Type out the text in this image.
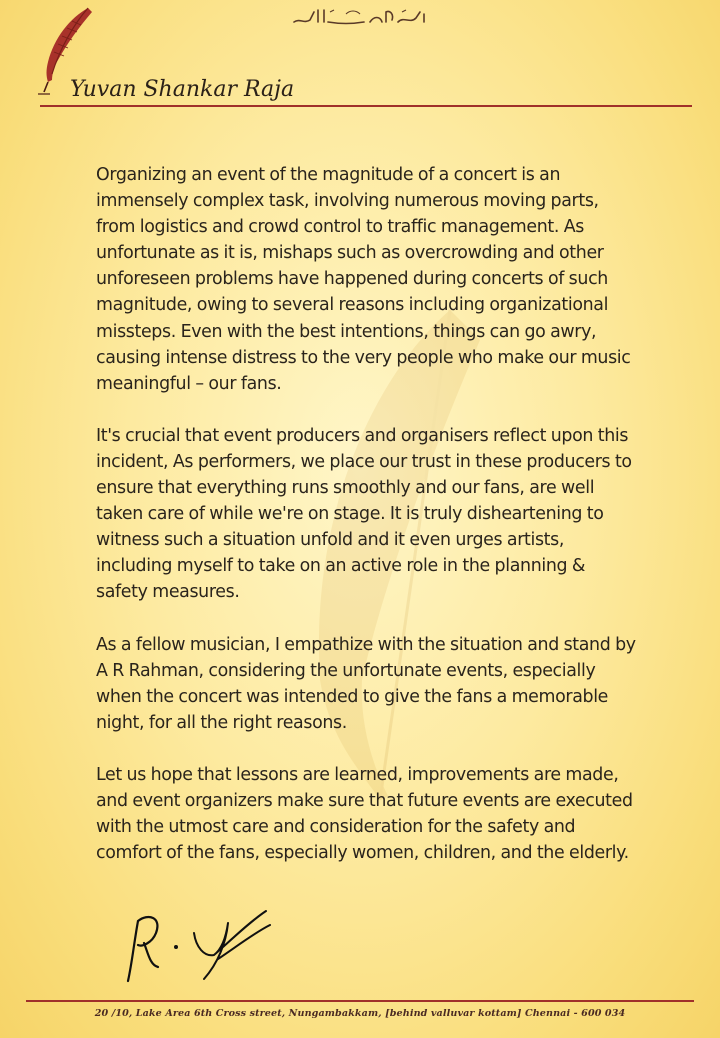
Yuvan Shankar Raja

Organizing an event of the magnitude of a concert is an immensely complex task, involving numerous moving parts, from logistics and crowd control to traffic management. As unfortunate as it is, mishaps such as overcrowding and other unforeseen problems have happened during concerts of such magnitude, owing to several reasons including organizational missteps. Even with the best intentions, things can go awry, causing intense distress to the very people who make our music meaningful – our fans.

It's crucial that event producers and organisers reflect upon this incident, As performers, we place our trust in these producers to ensure that everything runs smoothly and our fans, are well taken care of while we're on stage. It is truly disheartening to witness such a situation unfold and it even urges artists, including myself to take on an active role in the planning & safety measures.

As a fellow musician, I empathize with the situation and stand by A R Rahman, considering the unfortunate events, especially when the concert was intended to give the fans a memorable night, for all the right reasons.

Let us hope that lessons are learned, improvements are made, and event organizers make sure that future events are executed with the utmost care and consideration for the safety and comfort of the fans, especially women, children, and the elderly.

20 /10, Lake Area 6th Cross street, Nungambakkam, [behind valluvar kottam] Chennai - 600 034
